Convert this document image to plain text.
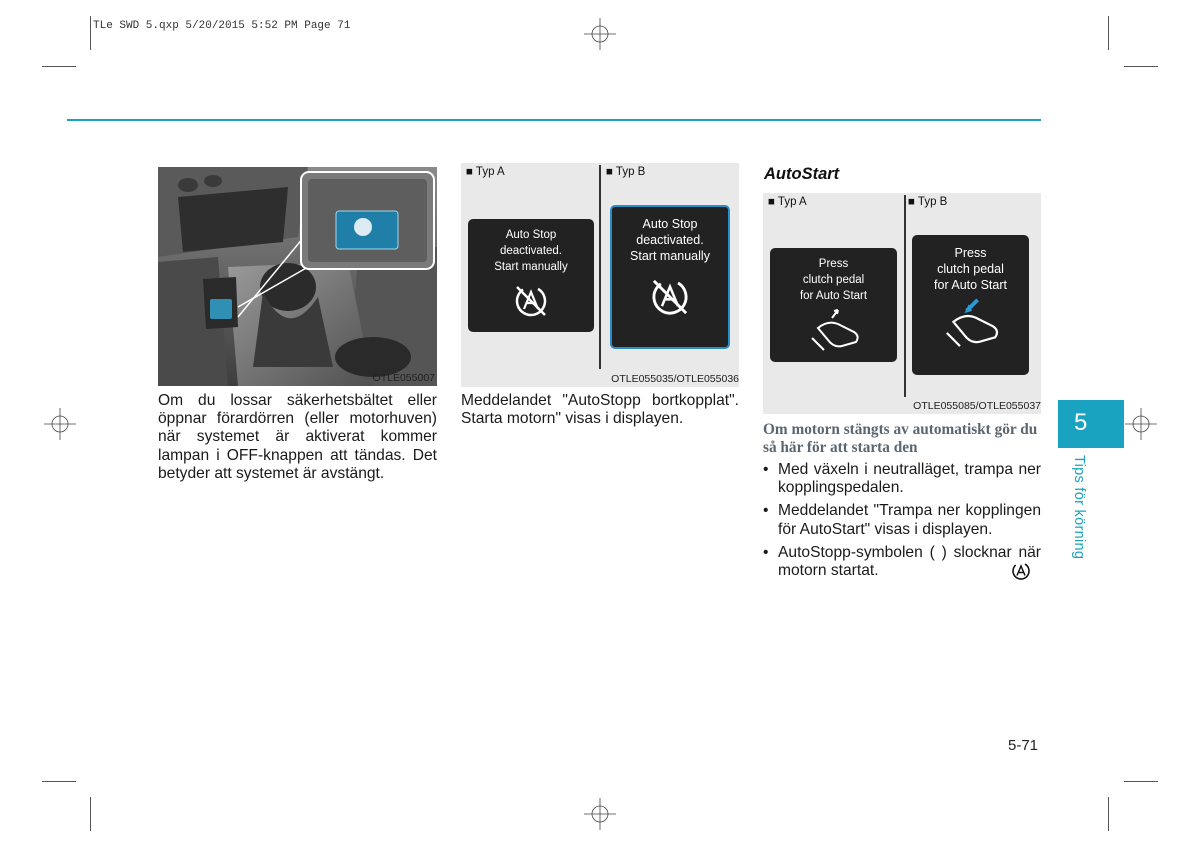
TLe SWD 5.qxp 5/20/2015 5:52 PM Page 71
OTLE055007
Om du lossar säkerhetsbältet eller öppnar förardörren (eller motorhuven) när systemet är aktiverat kommer lampan i OFF-knappen att tändas. Det betyder att systemet är avstängt.
■ Typ A	■ Typ B
Auto Stop
deactivated.
Start manually
Auto Stop
deactivated.
Start manually
OTLE055035/OTLE055036
Meddelandet "AutoStopp bortkopplat". Starta motorn" visas i displayen.
AutoStart
■ Typ A	■ Typ B
Press
clutch pedal
for Auto Start
Press
clutch pedal
for Auto Start
OTLE055085/OTLE055037
Om motorn stängts av automatiskt gör du så här för att starta den
• Med växeln i neutralläget, trampa ner kopplingspedalen.
• Meddelandet "Trampa ner kopplingen för AutoStart" visas i displayen.
• AutoStopp-symbolen ( ) slocknar när motorn startat.
5
Tips för körning
5-71
